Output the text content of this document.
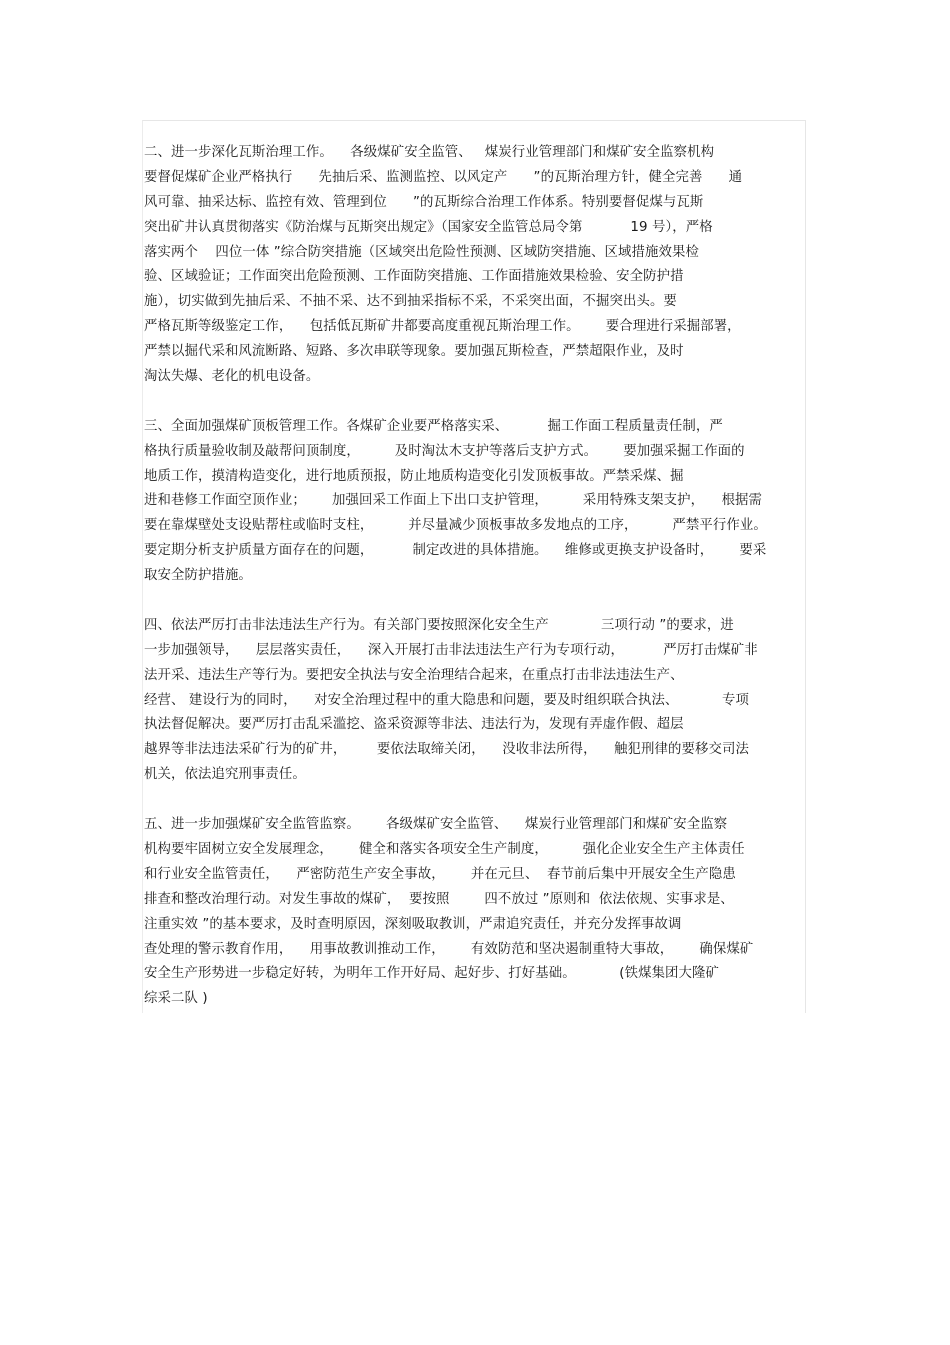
二、进一步深化瓦斯治理工作。    各级煤矿安全监管、   煤炭行业管理部门和煤矿安全监察机构
要督促煤矿企业严格执行      先抽后采、监测监控、以风定产      ”的瓦斯治理方针，健全完善      通
风可靠、抽采达标、监控有效、管理到位      ”的瓦斯综合治理工作体系。特别要督促煤与瓦斯
突出矿井认真贯彻落实《防治煤与瓦斯突出规定》（国家安全监管总局令第           19 号），严格
落实两个    四位一体 ”综合防突措施（区域突出危险性预测、区域防突措施、区域措施效果检
验、区域验证；工作面突出危险预测、工作面防突措施、工作面措施效果检验、安全防护措
施），切实做到先抽后采、不抽不采、达不到抽采指标不采，不采突出面，不掘突出头。要
严格瓦斯等级鉴定工作，    包括低瓦斯矿井都要高度重视瓦斯治理工作。      要合理进行采掘部署，
严禁以掘代采和风流断路、短路、多次串联等现象。要加强瓦斯检查，严禁超限作业，及时
淘汰失爆、老化的机电设备。
三、全面加强煤矿顶板管理工作。各煤矿企业要严格落实采、         掘工作面工程质量责任制，严
格执行质量验收制及敲帮问顶制度，        及时淘汰木支护等落后支护方式。      要加强采掘工作面的
地质工作，摸清构造变化，进行地质预报，防止地质构造变化引发顶板事故。严禁采煤、掘
进和巷修工作面空顶作业；      加强回采工作面上下出口支护管理，        采用特殊支架支护，    根据需
要在靠煤壁处支设贴帮柱或临时支柱，        并尽量减少顶板事故多发地点的工序，        严禁平行作业。
要定期分析支护质量方面存在的问题，         制定改进的具体措施。    维修或更换支护设备时，      要采
取安全防护措施。
四、依法严厉打击非法违法生产行为。有关部门要按照深化安全生产            三项行动 ”的要求，进
一步加强领导，    层层落实责任，    深入开展打击非法违法生产行为专项行动，         严厉打击煤矿非
法开采、违法生产等行为。要把安全执法与安全治理结合起来，在重点打击非法违法生产、
经营、 建设行为的同时，    对安全治理过程中的重大隐患和问题，要及时组织联合执法、          专项
执法督促解决。要严厉打击乱采滥挖、盗采资源等非法、违法行为，发现有弄虚作假、超层
越界等非法违法采矿行为的矿井，       要依法取缔关闭，    没收非法所得，    触犯刑律的要移交司法
机关，依法追究刑事责任。
五、进一步加强煤矿安全监管监察。      各级煤矿安全监管、    煤炭行业管理部门和煤矿安全监察
机构要牢固树立安全发展理念，      健全和落实各项安全生产制度，        强化企业安全生产主体责任
和行业安全监管责任，    严密防范生产安全事故，      并在元旦、  春节前后集中开展安全生产隐患
排查和整改治理行动。对发生事故的煤矿，  要按照        四不放过 ”原则和  依法依规、实事求是、
注重实效 ”的基本要求，及时查明原因，深刻吸取教训，严肃追究责任，并充分发挥事故调
查处理的警示教育作用，    用事故教训推动工作，      有效防范和坚决遏制重特大事故，      确保煤矿
安全生产形势进一步稳定好转，为明年工作开好局、起好步、打好基础。          (铁煤集团大隆矿
综采二队 )
